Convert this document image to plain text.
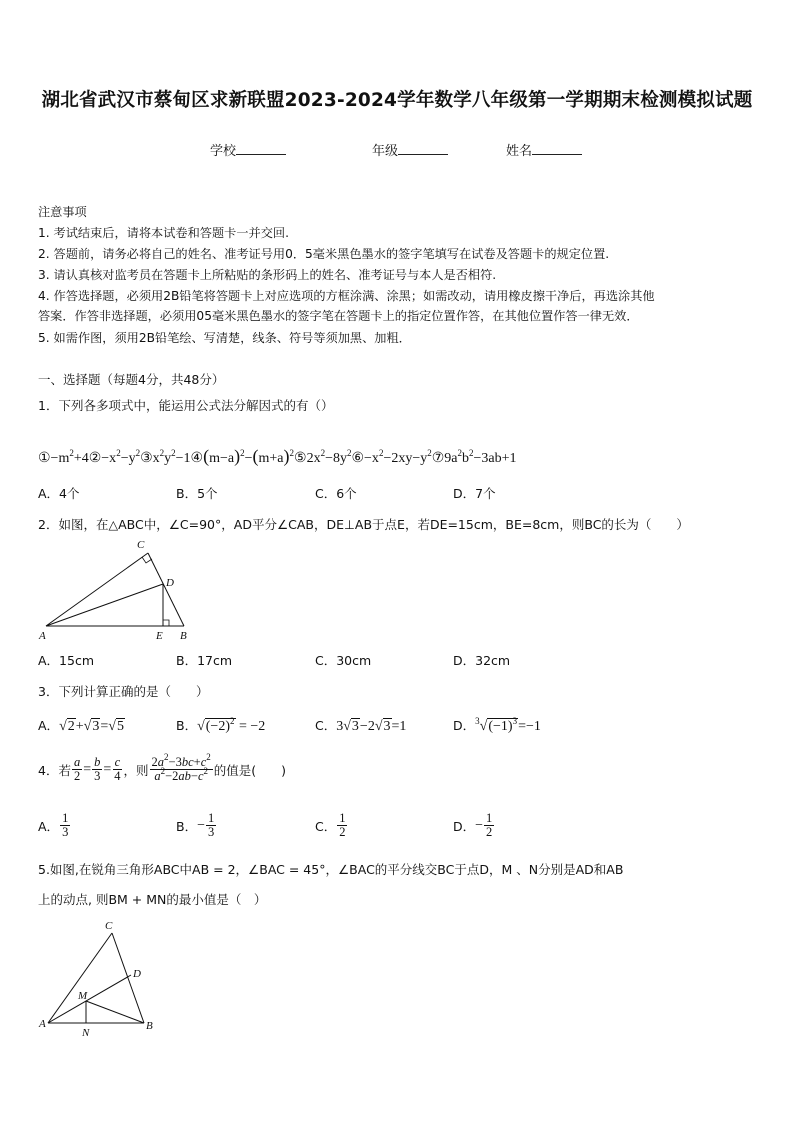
湖北省武汉市蔡甸区求新联盟2023-2024学年数学八年级第一学期期末检测模拟试题
学校	年级	姓名
注意事项
1. 考试结束后，请将本试卷和答题卡一并交回.
2. 答题前，请务必将自己的姓名、准考证号用0．5毫米黑色墨水的签字笔填写在试卷及答题卡的规定位置.
3. 请认真核对监考员在答题卡上所粘贴的条形码上的姓名、准考证号与本人是否相符.
4. 作答选择题，必须用2B铅笔将答题卡上对应选项的方框涂满、涂黑；如需改动，请用橡皮擦干净后，再选涂其他
答案．作答非选择题，必须用05毫米黑色墨水的签字笔在答题卡上的指定位置作答，在其他位置作答一律无效．
5. 如需作图，须用2B铅笔绘、写清楚，线条、符号等须加黑、加粗．
一、选择题（每题4分，共48分）
1．下列各多项式中，能运用公式法分解因式的有（）
$①-m^2+4②-x^2-y^2③x^2y^2-1④(m-a)^2-(m+a)^2⑤2x^2-8y^2⑥-x^2-2xy-y^2⑦9a^2b^2-3ab+1$
A．4个	B．5个	C．6个	D．7个
2．如图，在△ABC中，∠C=90°，AD平分∠CAB，DE⊥AB于点E，若DE=15cm，BE=8cm，则BC的长为（　　）
C
D
A	E B
A．15cm	B．17cm	C．30cm	D．32cm
3．下列计算正确的是（　　）
A．√2+√3=√5	B．$√(-2)^2 = -2$	C．3√3−2√3=1	D．$^3√(-1)^3=-1$
4．若 $\frac{a}{2} = \frac{b}{3} = \frac{c}{4}$ ，则 $\frac{2a^2-3bc+c^2}{a^2-2ab-c^2}$ 的值是(　　)
A． $\frac{1}{3}$	B． − $\frac{1}{3}$	C． $\frac{1}{2}$	D． − $\frac{1}{2}$
5.如图,在锐角三角形ABC中AB = 2，∠BAC = 45°，∠BAC的平分线交BC于点D，M 、N分别是AD和AB
上的动点, 则BM + MN的最小值是（　）
C
D
M
A
N
B
